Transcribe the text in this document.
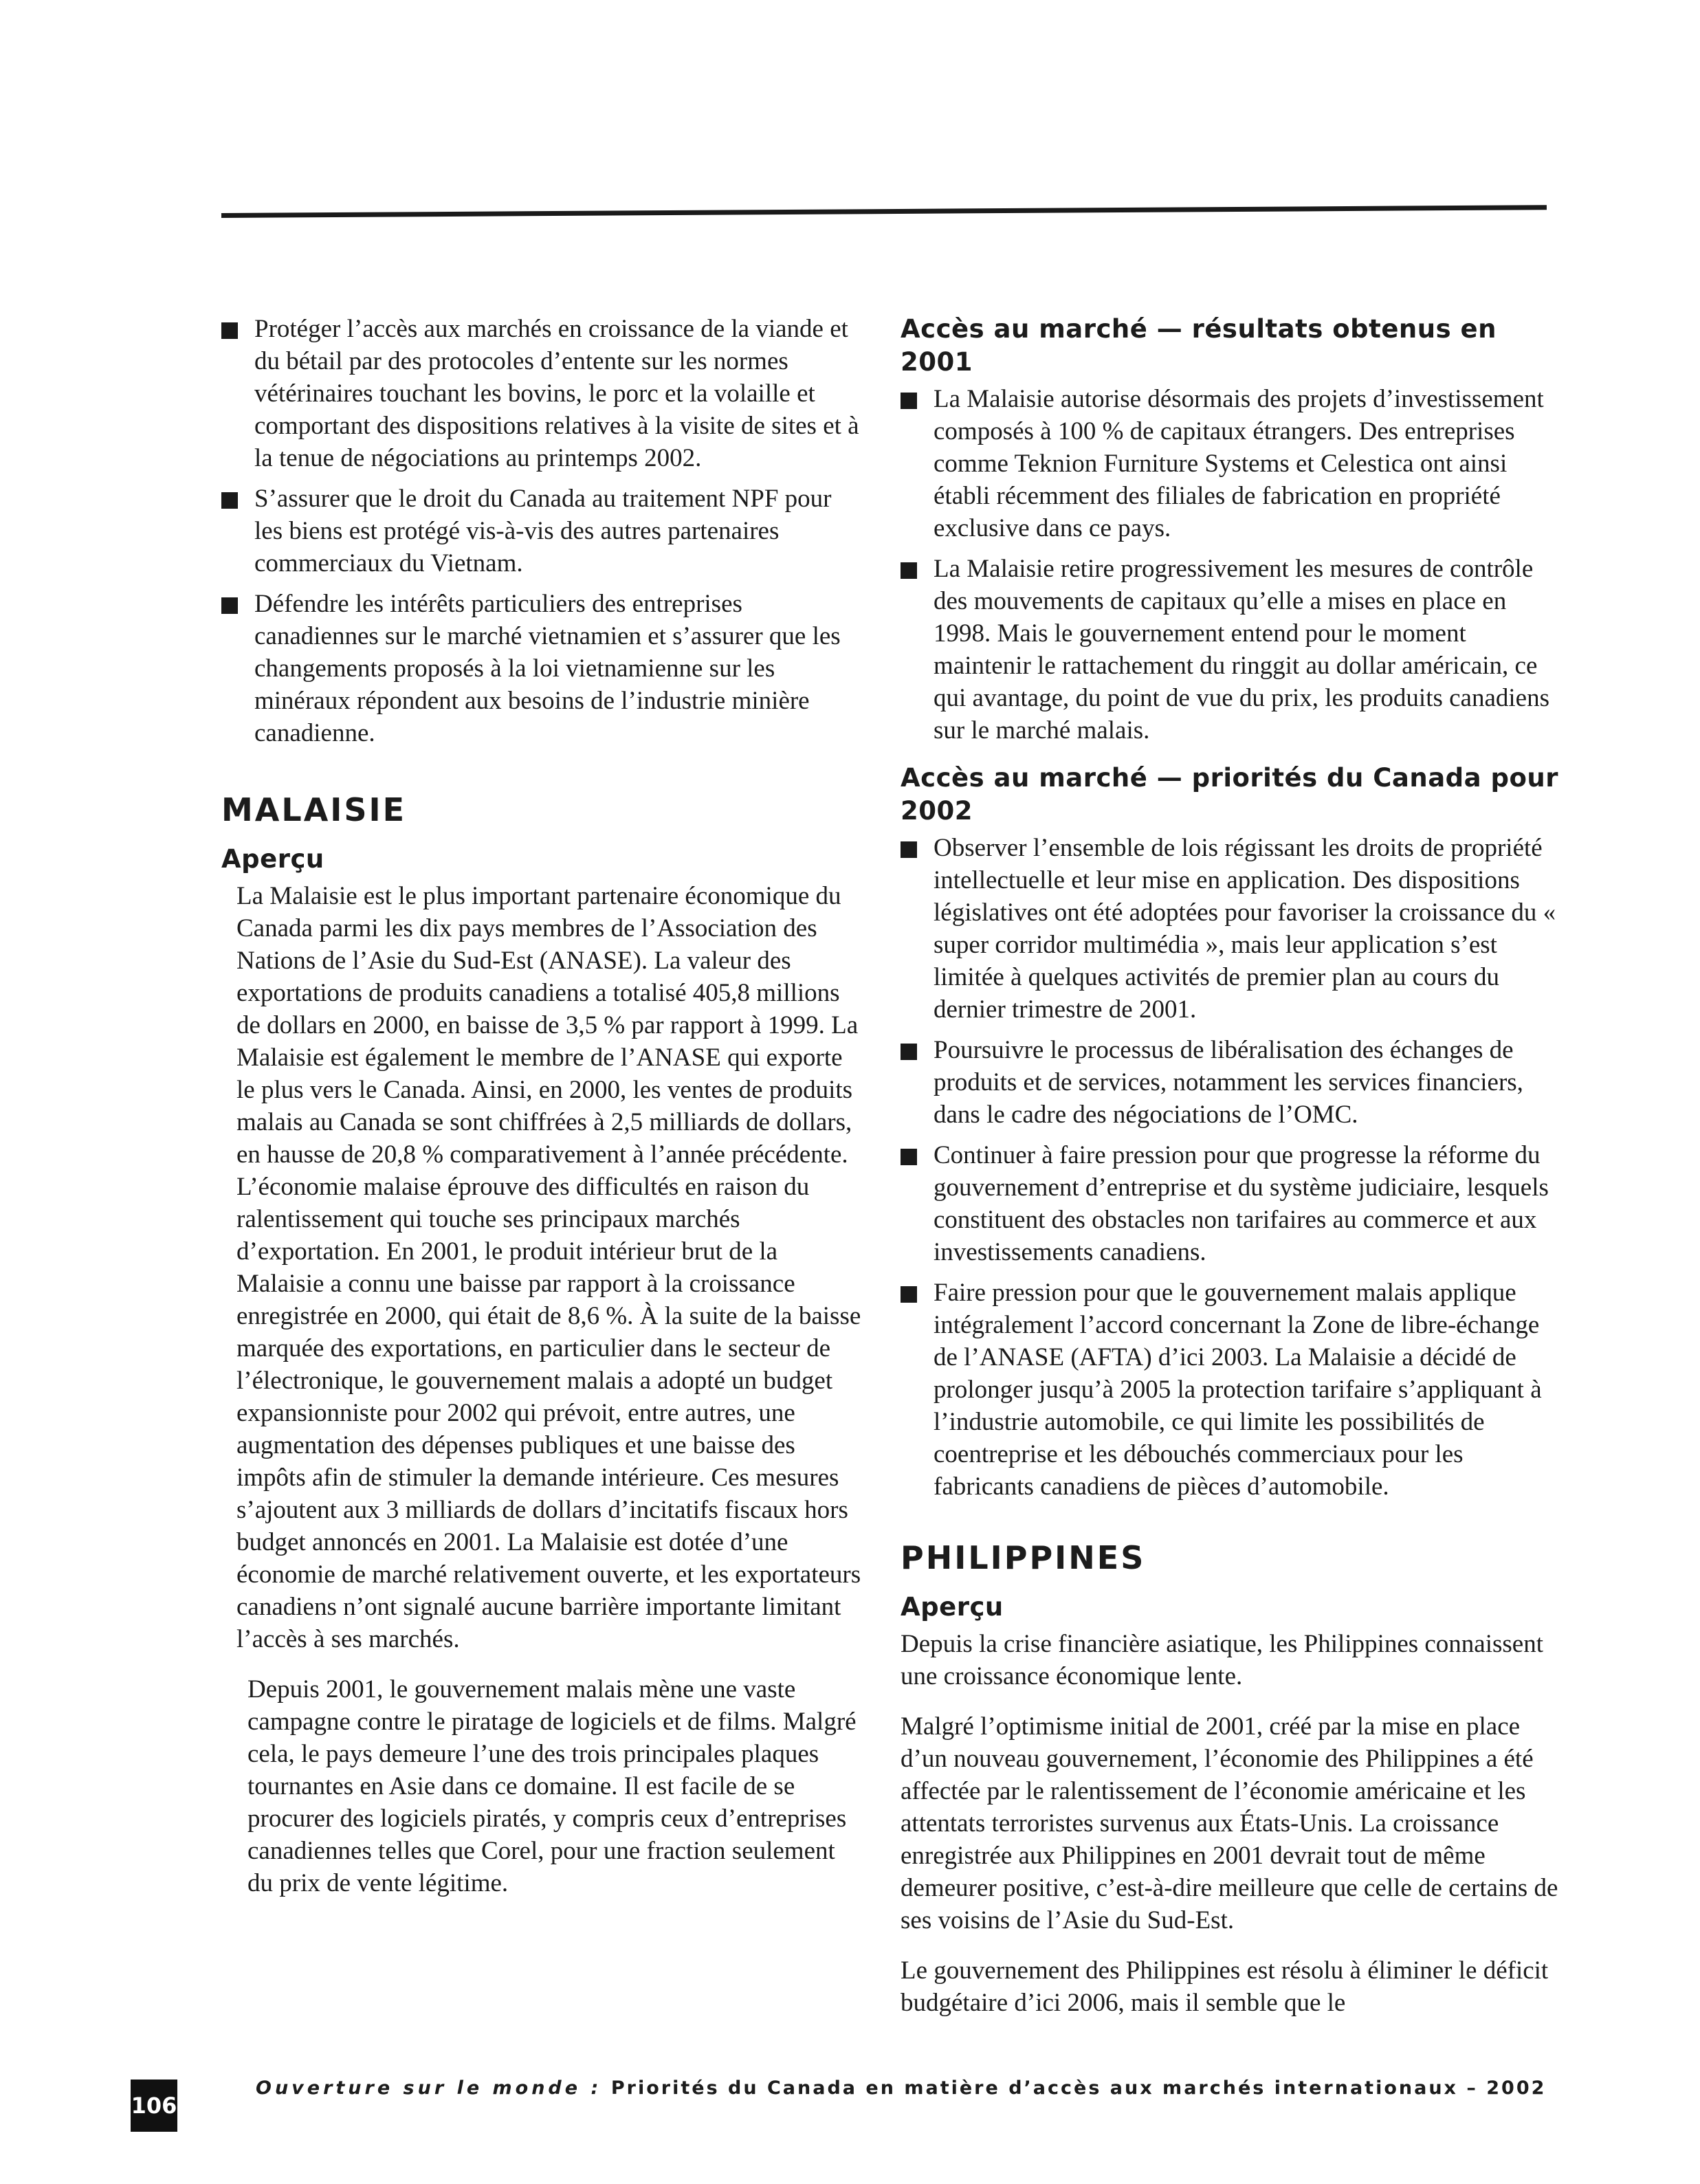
Protéger l’accès aux marchés en croissance de la viande et du bétail par des protocoles d’entente sur les normes vétérinaires touchant les bovins, le porc et la volaille et comportant des dispositions relatives à la visite de sites et à la tenue de négociations au printemps 2002.
S’assurer que le droit du Canada au traitement NPF pour les biens est protégé vis-à-vis des autres partenaires commerciaux du Vietnam.
Défendre les intérêts particuliers des entreprises canadiennes sur le marché vietnamien et s’assurer que les changements proposés à la loi vietnamienne sur les minéraux répondent aux besoins de l’industrie minière canadienne.
MALAISIE
Aperçu

La Malaisie est le plus important partenaire économique du Canada parmi les dix pays membres de l’Association des Nations de l’Asie du Sud-Est (ANASE). La valeur des exportations de produits canadiens a totalisé 405,8 millions de dollars en 2000, en baisse de 3,5 % par rapport à 1999. La Malaisie est également le membre de l’ANASE qui exporte le plus vers le Canada. Ainsi, en 2000, les ventes de produits malais au Canada se sont chiffrées à 2,5 milliards de dollars, en hausse de 20,8 % comparativement à l’année précédente. L’économie malaise éprouve des difficultés en raison du ralentissement qui touche ses principaux marchés d’exportation. En 2001, le produit intérieur brut de la Malaisie a connu une baisse par rapport à la croissance enregistrée en 2000, qui était de 8,6 %. À la suite de la baisse marquée des exportations, en particulier dans le secteur de l’électronique, le gouvernement malais a adopté un budget expansionniste pour 2002 qui prévoit, entre autres, une augmentation des dépenses publiques et une baisse des impôts afin de stimuler la demande intérieure. Ces mesures s’ajoutent aux 3 milliards de dollars d’incitatifs fiscaux hors budget annoncés en 2001. La Malaisie est dotée d’une économie de marché relativement ouverte, et les exportateurs canadiens n’ont signalé aucune barrière importante limitant l’accès à ses marchés.

Depuis 2001, le gouvernement malais mène une vaste campagne contre le piratage de logiciels et de films. Malgré cela, le pays demeure l’une des trois principales plaques tournantes en Asie dans ce domaine. Il est facile de se procurer des logiciels piratés, y compris ceux d’entreprises canadiennes telles que Corel, pour une fraction seulement du prix de vente légitime.

Accès au marché — résultats obtenus en 2001
La Malaisie autorise désormais des projets d’investissement composés à 100 % de capitaux étrangers. Des entreprises comme Teknion Furniture Systems et Celestica ont ainsi établi récemment des filiales de fabrication en propriété exclusive dans ce pays.
La Malaisie retire progressivement les mesures de contrôle des mouvements de capitaux qu’elle a mises en place en 1998. Mais le gouvernement entend pour le moment maintenir le rattachement du ringgit au dollar américain, ce qui avantage, du point de vue du prix, les produits canadiens sur le marché malais.
Accès au marché — priorités du Canada pour 2002
Observer l’ensemble de lois régissant les droits de propriété intellectuelle et leur mise en application. Des dispositions législatives ont été adoptées pour favoriser la croissance du « super corridor multimédia », mais leur application s’est limitée à quelques activités de premier plan au cours du dernier trimestre de 2001.
Poursuivre le processus de libéralisation des échanges de produits et de services, notamment les services financiers, dans le cadre des négociations de l’OMC.
Continuer à faire pression pour que progresse la réforme du gouvernement d’entreprise et du système judiciaire, lesquels constituent des obstacles non tarifaires au commerce et aux investissements canadiens.
Faire pression pour que le gouvernement malais applique intégralement l’accord concernant la Zone de libre-échange de l’ANASE (AFTA) d’ici 2003. La Malaisie a décidé de prolonger jusqu’à 2005 la protection tarifaire s’appliquant à l’industrie automobile, ce qui limite les possibilités de coentreprise et les débouchés commerciaux pour les fabricants canadiens de pièces d’automobile.
PHILIPPINES
Aperçu

Depuis la crise financière asiatique, les Philippines connaissent une croissance économique lente.

Malgré l’optimisme initial de 2001, créé par la mise en place d’un nouveau gouvernement, l’économie des Philippines a été affectée par le ralentissement de l’économie américaine et les attentats terroristes survenus aux États-Unis. La croissance enregistrée aux Philippines en 2001 devrait tout de même demeurer positive, c’est-à-dire meilleure que celle de certains de ses voisins de l’Asie du Sud-Est.

Le gouvernement des Philippines est résolu à éliminer le déficit budgétaire d’ici 2006, mais il semble que le

106
Ouverture sur le monde : Priorités du Canada en matière d’accès aux marchés internationaux – 2002
